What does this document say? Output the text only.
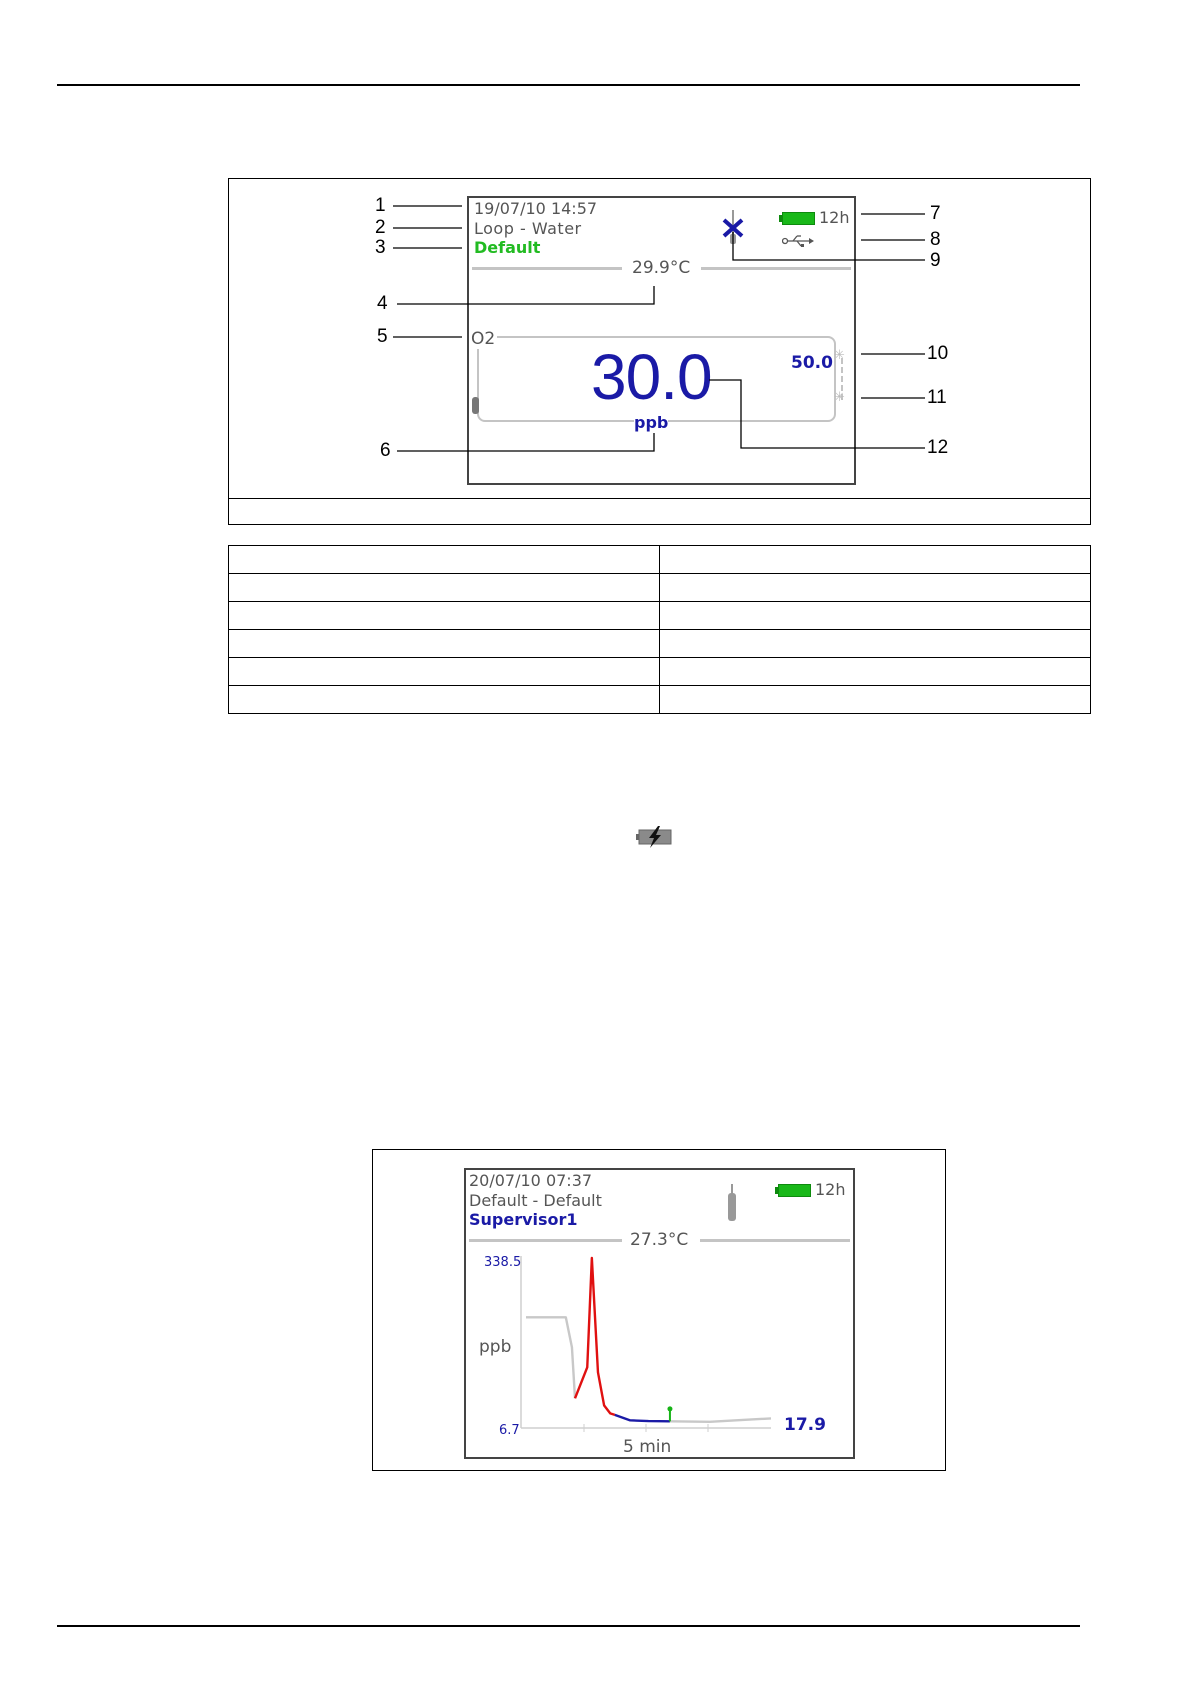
19/07/10 14:57
Loop - Water
Default
12h
29.9°C
O2
30.0
ppb
50.0 ✳
✳
1
2
3
4
5
6
7
8
9
10
11
12

20/07/10 07:37
Default - Default
Supervisor1
12h
27.3°C
338.5
6.7
ppb
5 min
17.9
